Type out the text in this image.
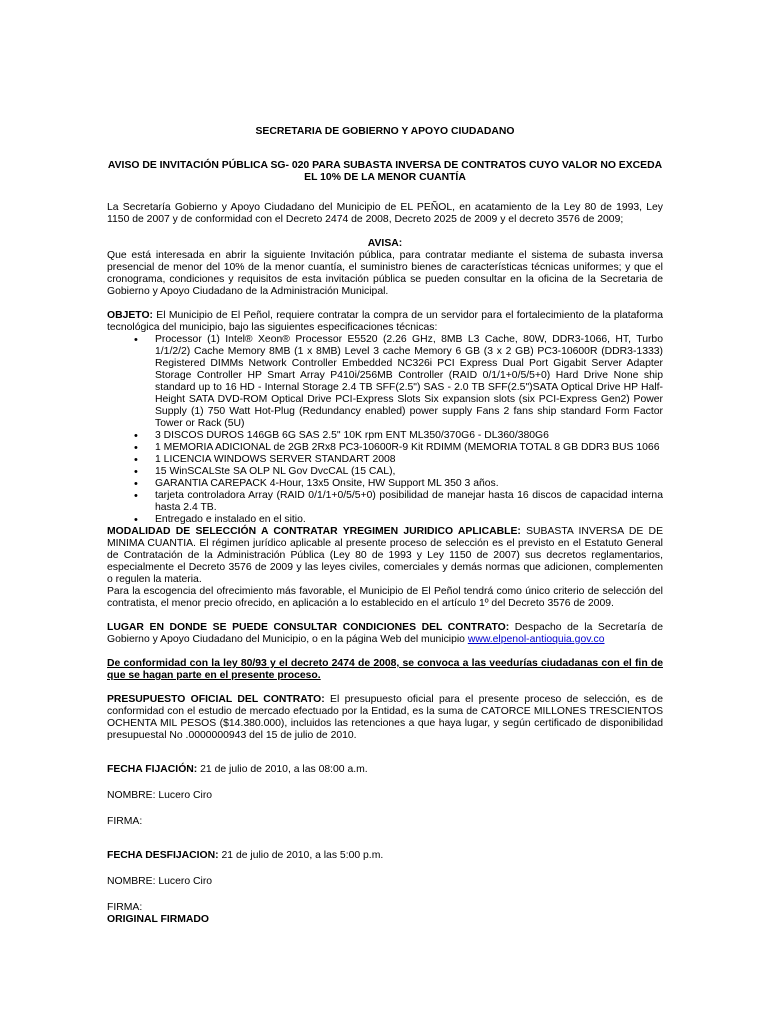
SECRETARIA DE GOBIERNO Y APOYO CIUDADANO

AVISO DE INVITACIÓN PÚBLICA SG- 020 PARA SUBASTA INVERSA DE CONTRATOS CUYO VALOR NO EXCEDA EL 10% DE LA MENOR CUANTÍA

La Secretaría Gobierno y Apoyo Ciudadano del Municipio de EL PEÑOL, en acatamiento de la Ley 80 de 1993, Ley 1150 de 2007 y de conformidad con el Decreto 2474 de 2008, Decreto 2025 de 2009 y el decreto 3576 de 2009;

AVISA:

Que está interesada en abrir la siguiente Invitación pública, para contratar mediante el sistema de subasta inversa presencial de menor del 10% de la menor cuantía, el suministro bienes de características técnicas uniformes; y que el cronograma, condiciones y requisitos de esta invitación pública se pueden consultar en la oficina de la Secretaria de Gobierno y Apoyo Ciudadano de la Administración Municipal.

OBJETO: El Municipio de El Peñol, requiere contratar la compra de un servidor para el fortalecimiento de la plataforma tecnológica del municipio, bajo las siguientes especificaciones técnicas:

• Processor (1) Intel® Xeon® Processor E5520 (2.26 GHz, 8MB L3 Cache, 80W, DDR3-1066, HT, Turbo 1/1/2/2) Cache Memory 8MB (1 x 8MB) Level 3 cache Memory 6 GB (3 x 2 GB) PC3-10600R (DDR3-1333) Registered DIMMs Network Controller Embedded NC326i PCI Express Dual Port Gigabit Server Adapter Storage Controller HP Smart Array P410i/256MB Controller (RAID 0/1/1+0/5/5+0) Hard Drive None ship standard up to 16 HD - Internal Storage 2.4 TB SFF(2.5") SAS - 2.0 TB SFF(2.5")SATA Optical Drive HP Half-Height SATA DVD-ROM Optical Drive PCI-Express Slots Six expansion slots (six PCI-Express Gen2) Power Supply (1) 750 Watt Hot-Plug (Redundancy enabled) power supply Fans 2 fans ship standard Form Factor Tower or Rack (5U)
• 3 DISCOS DUROS 146GB 6G SAS 2.5" 10K rpm ENT ML350/370G6 - DL360/380G6
• 1 MEMORIA ADICIONAL de 2GB 2Rx8 PC3-10600R-9 Kit RDIMM (MEMORIA TOTAL 8 GB DDR3 BUS 1066
• 1 LICENCIA WINDOWS SERVER STANDART 2008
• 15 WinSCALSte SA OLP NL Gov DvcCAL (15 CAL),
• GARANTIA CAREPACK 4-Hour, 13x5 Onsite, HW Support ML 350 3 años.
• tarjeta controladora Array (RAID 0/1/1+0/5/5+0) posibilidad de manejar hasta 16 discos de capacidad interna hasta 2.4 TB.
• Entregado e instalado en el sitio.

MODALIDAD DE SELECCIÓN A CONTRATAR YREGIMEN JURIDICO APLICABLE: SUBASTA INVERSA DE DE MINIMA CUANTIA. El régimen jurídico aplicable al presente proceso de selección es el previsto en el Estatuto General de Contratación de la Administración Pública (Ley 80 de 1993 y Ley 1150 de 2007) sus decretos reglamentarios, especialmente el Decreto 3576 de 2009 y las leyes civiles, comerciales y demás normas que adicionen, complementen o regulen la materia.

Para la escogencia del ofrecimiento más favorable, el Municipio de El Peñol tendrá como único criterio de selección del contratista, el menor precio ofrecido, en aplicación a lo establecido en el artículo 1º del Decreto 3576 de 2009.

LUGAR EN DONDE SE PUEDE CONSULTAR CONDICIONES DEL CONTRATO: Despacho de la Secretaría de Gobierno y Apoyo Ciudadano del Municipio, o en la página Web del municipio www.elpenol-antioquia.gov.co

De conformidad con la ley 80/93 y el decreto 2474 de 2008, se convoca a las veedurías ciudadanas con el fin de que se hagan parte en el presente proceso.

PRESUPUESTO OFICIAL DEL CONTRATO: El presupuesto oficial para el presente proceso de selección, es de conformidad con el estudio de mercado efectuado por la Entidad, es la suma de CATORCE MILLONES TRESCIENTOS OCHENTA MIL PESOS ($14.380.000), incluidos las retenciones a que haya lugar, y según certificado de disponibilidad presupuestal No .0000000943 del 15 de julio de 2010.

FECHA FIJACIÓN: 21 de julio de 2010, a las 08:00 a.m.

NOMBRE: Lucero Ciro

FIRMA:

FECHA DESFIJACION: 21 de julio de 2010, a las 5:00 p.m.

NOMBRE: Lucero Ciro

FIRMA:

ORIGINAL FIRMADO
